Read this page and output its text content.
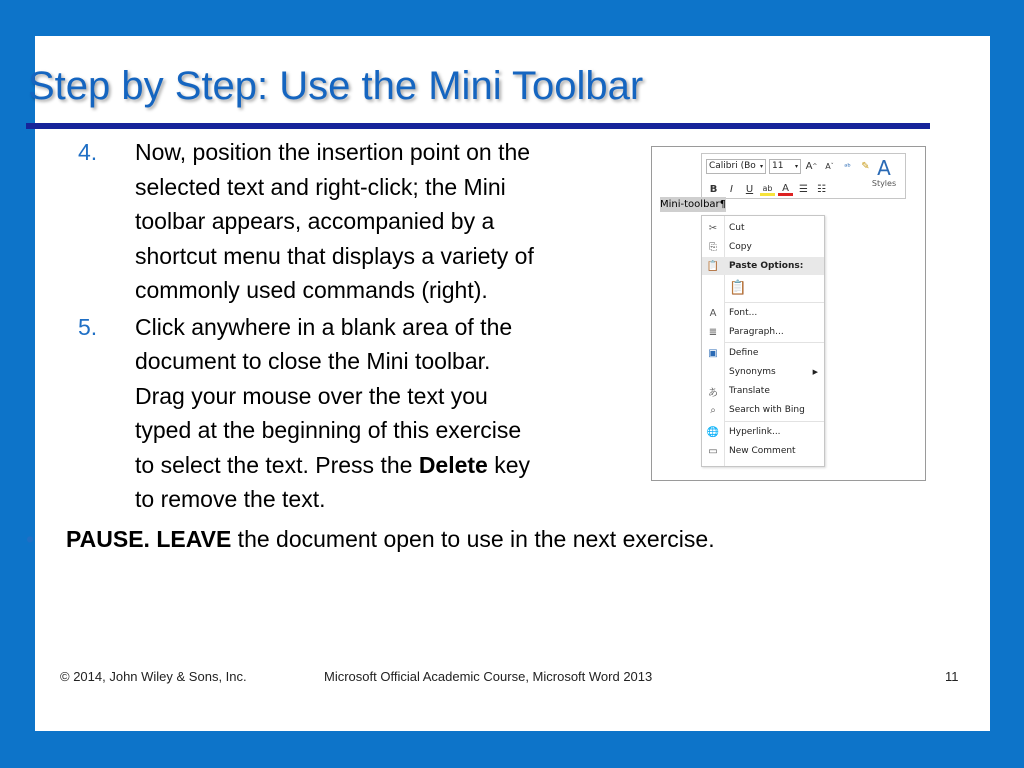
Step by Step: Use the Mini Toolbar
4.	Now, position the insertion point on the
selected text and right-click; the Mini
toolbar appears, accompanied by a
shortcut menu that displays a variety of
commonly used commands (right).
5.	Click anywhere in a blank area of the
document to close the Mini toolbar.
Drag your mouse over the text you
typed at the beginning of this exercise
to select the text. Press the Delete key
to remove the text.
• PAUSE. LEAVE the document open to use in the next exercise.
Calibri (Bo ▾ 11 ▾ A ^ A ˇ	ᵃᵇ	✎
B	I	U	ab A	☰ ☷
A
Styles
Mini-toolbar¶
✂	Cut
⎘	Copy
📋	Paste Options:
📋
A	Font...
≣	Paragraph...
▣	Define
Synonyms	▶
あ	Translate
⌕	Search with Bing
🌐	Hyperlink...
▭	New Comment
© 2014, John Wiley & Sons, Inc.	Microsoft Official Academic Course, Microsoft Word 2013	11
